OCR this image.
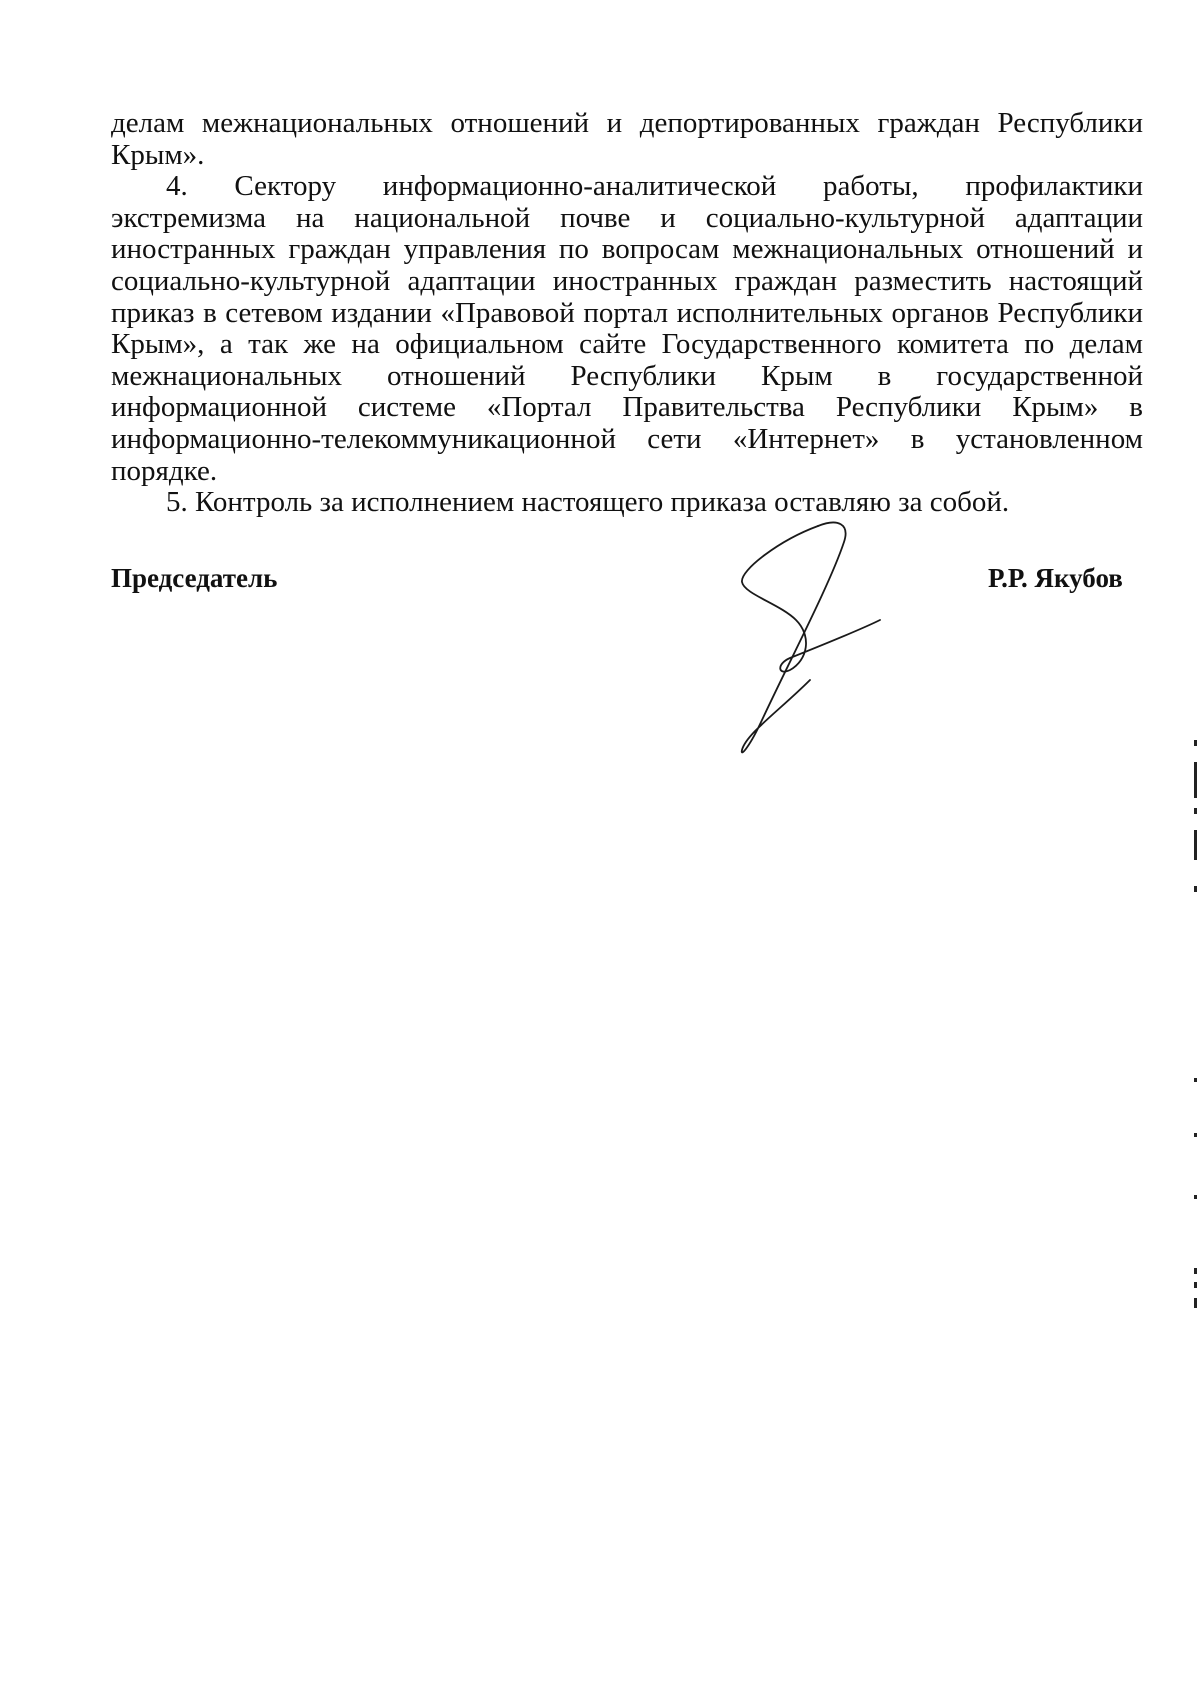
делам межнациональных отношений и депортированных граждан Республики Крым».

4. Сектору информационно-аналитической работы, профилактики экстремизма на национальной почве и социально-культурной адаптации иностранных граждан управления по вопросам межнациональных отношений и социально-культурной адаптации иностранных граждан разместить настоящий приказ в сетевом издании «Правовой портал исполнительных органов Республики Крым», а так же на официальном сайте Государственного комитета по делам межнациональных отношений Республики Крым в государственной информационной системе «Портал Правительства Республики Крым» в информационно-телекоммуникационной сети «Интернет» в установленном порядке.

5. Контроль за исполнением настоящего приказа оставляю за собой.

Председатель	Р.Р. Якубов
